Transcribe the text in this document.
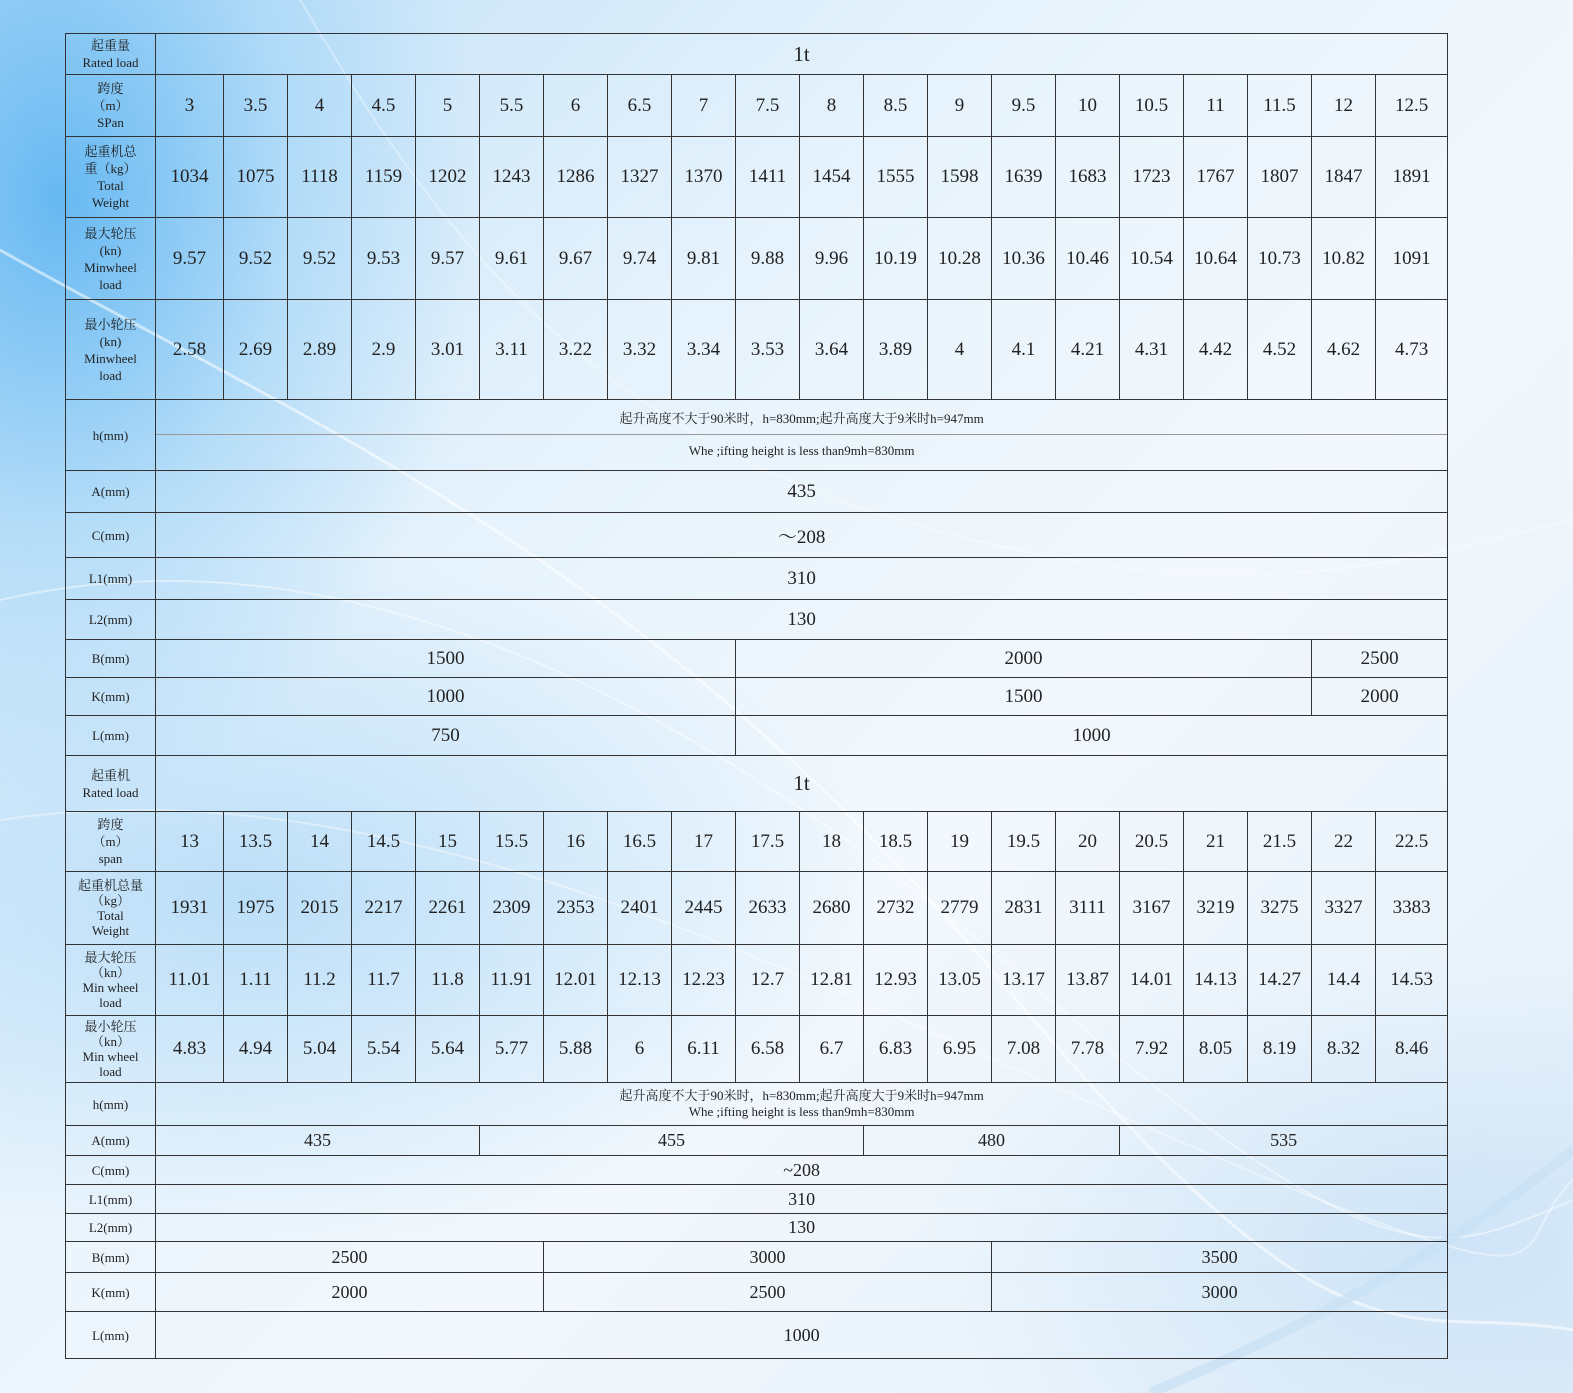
起重量
Rated load	1t																			

跨度
（m）
SPan	3	3.5	4	4.5	5	5.5	6	6.5	7	7.5	8	8.5	9	9.5	10	10.5	11	11.5	12	12.5

起重机总
重（kg）
Total
Weight	1034	1075	1118	1159	1202	1243	1286	1327	1370	1411	1454	1555	1598	1639	1683	1723	1767	1807	1847	1891

最大轮压
(kn)
Minwheel
load	9.57	9.52	9.52	9.53	9.57	9.61	9.67	9.74	9.81	9.88	9.96	10.19	10.28	10.36	10.46	10.54	10.64	10.73	10.82	1091

最小轮压
(kn)
Minwheel
load	2.58	2.69	2.89	2.9	3.01	3.11	3.22	3.32	3.34	3.53	3.64	3.89	4	4.1	4.21	4.31	4.42	4.52	4.62	4.73
h(mm)	起升高度不大于90米时，h=830mm;起升高度大于9米时h=947mm
Whe ;ifting height is less than9mh=830mm																			

A(mm)	435																			
C(mm)	～208																			
L1(mm)	310																			
L2(mm)	130																			
B(mm)	1500									2000									2500	
K(mm)	1000									1500									2000	
L(mm)	750									1000										

起重机
Rated load	1t																			

跨度
（m）
span	13	13.5	14	14.5	15	15.5	16	16.5	17	17.5	18	18.5	19	19.5	20	20.5	21	21.5	22	22.5

起重机总量
（kg）
Total
Weight	1931	1975	2015	2217	2261	2309	2353	2401	2445	2633	2680	2732	2779	2831	3111	3167	3219	3275	3327	3383

最大轮压
（kn）
Min wheel
load	11.01	1.11	11.2	11.7	11.8	11.91	12.01	12.13	12.23	12.7	12.81	12.93	13.05	13.17	13.87	14.01	14.13	14.27	14.4	14.53

最小轮压
（kn）
Min wheel
load	4.83	4.94	5.04	5.54	5.64	5.77	5.88	6	6.11	6.58	6.7	6.83	6.95	7.08	7.78	7.92	8.05	8.19	8.32	8.46
h(mm)	起升高度不大于90米时，h=830mm;起升高度大于9米时h=947mm
Whe ;ifting height is less than9mh=830mm																			

A(mm)	435					455						480				535				
C(mm)	~208																			
L1(mm)	310																			
L2(mm)	130																			
B(mm)	2500						3000							3500						
K(mm)	2000						2500							3000						
L(mm)	1000																			
